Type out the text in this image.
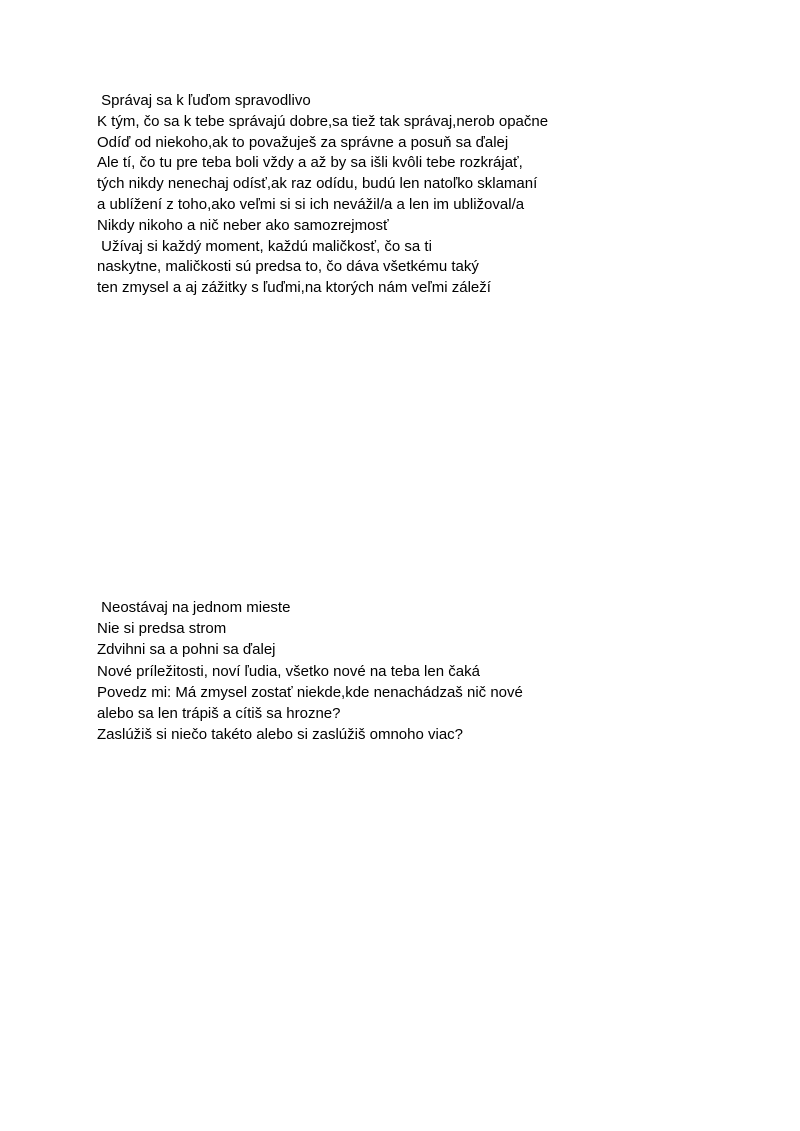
Správaj sa k ľuďom spravodlivo

K tým, čo sa k tebe správajú dobre,sa tiež tak správaj,nerob opačne

Odíď od niekoho,ak to považuješ za správne a posuň sa ďalej

Ale tí, čo tu pre teba boli vždy a až by sa išli kvôli tebe rozkrájať,

tých nikdy nenechaj odísť,ak raz odídu, budú len natoľko sklamaní

a ublížení z toho,ako veľmi si si ich nevážil/a a len im ubližoval/a

Nikdy nikoho a nič neber ako samozrejmosť

Užívaj si každý moment, každú maličkosť, čo sa ti

naskytne, maličkosti sú predsa to, čo dáva všetkému taký

ten zmysel a aj zážitky s ľuďmi,na ktorých nám veľmi záleží

Neostávaj na jednom mieste

Nie si predsa strom

Zdvihni sa a pohni sa ďalej

Nové príležitosti, noví ľudia, všetko nové na teba len čaká

Povedz mi: Má zmysel zostať niekde,kde nenachádzaš nič nové

alebo sa len trápiš a cítiš sa hrozne?

Zaslúžiš si niečo takéto alebo si zaslúžiš omnoho viac?
